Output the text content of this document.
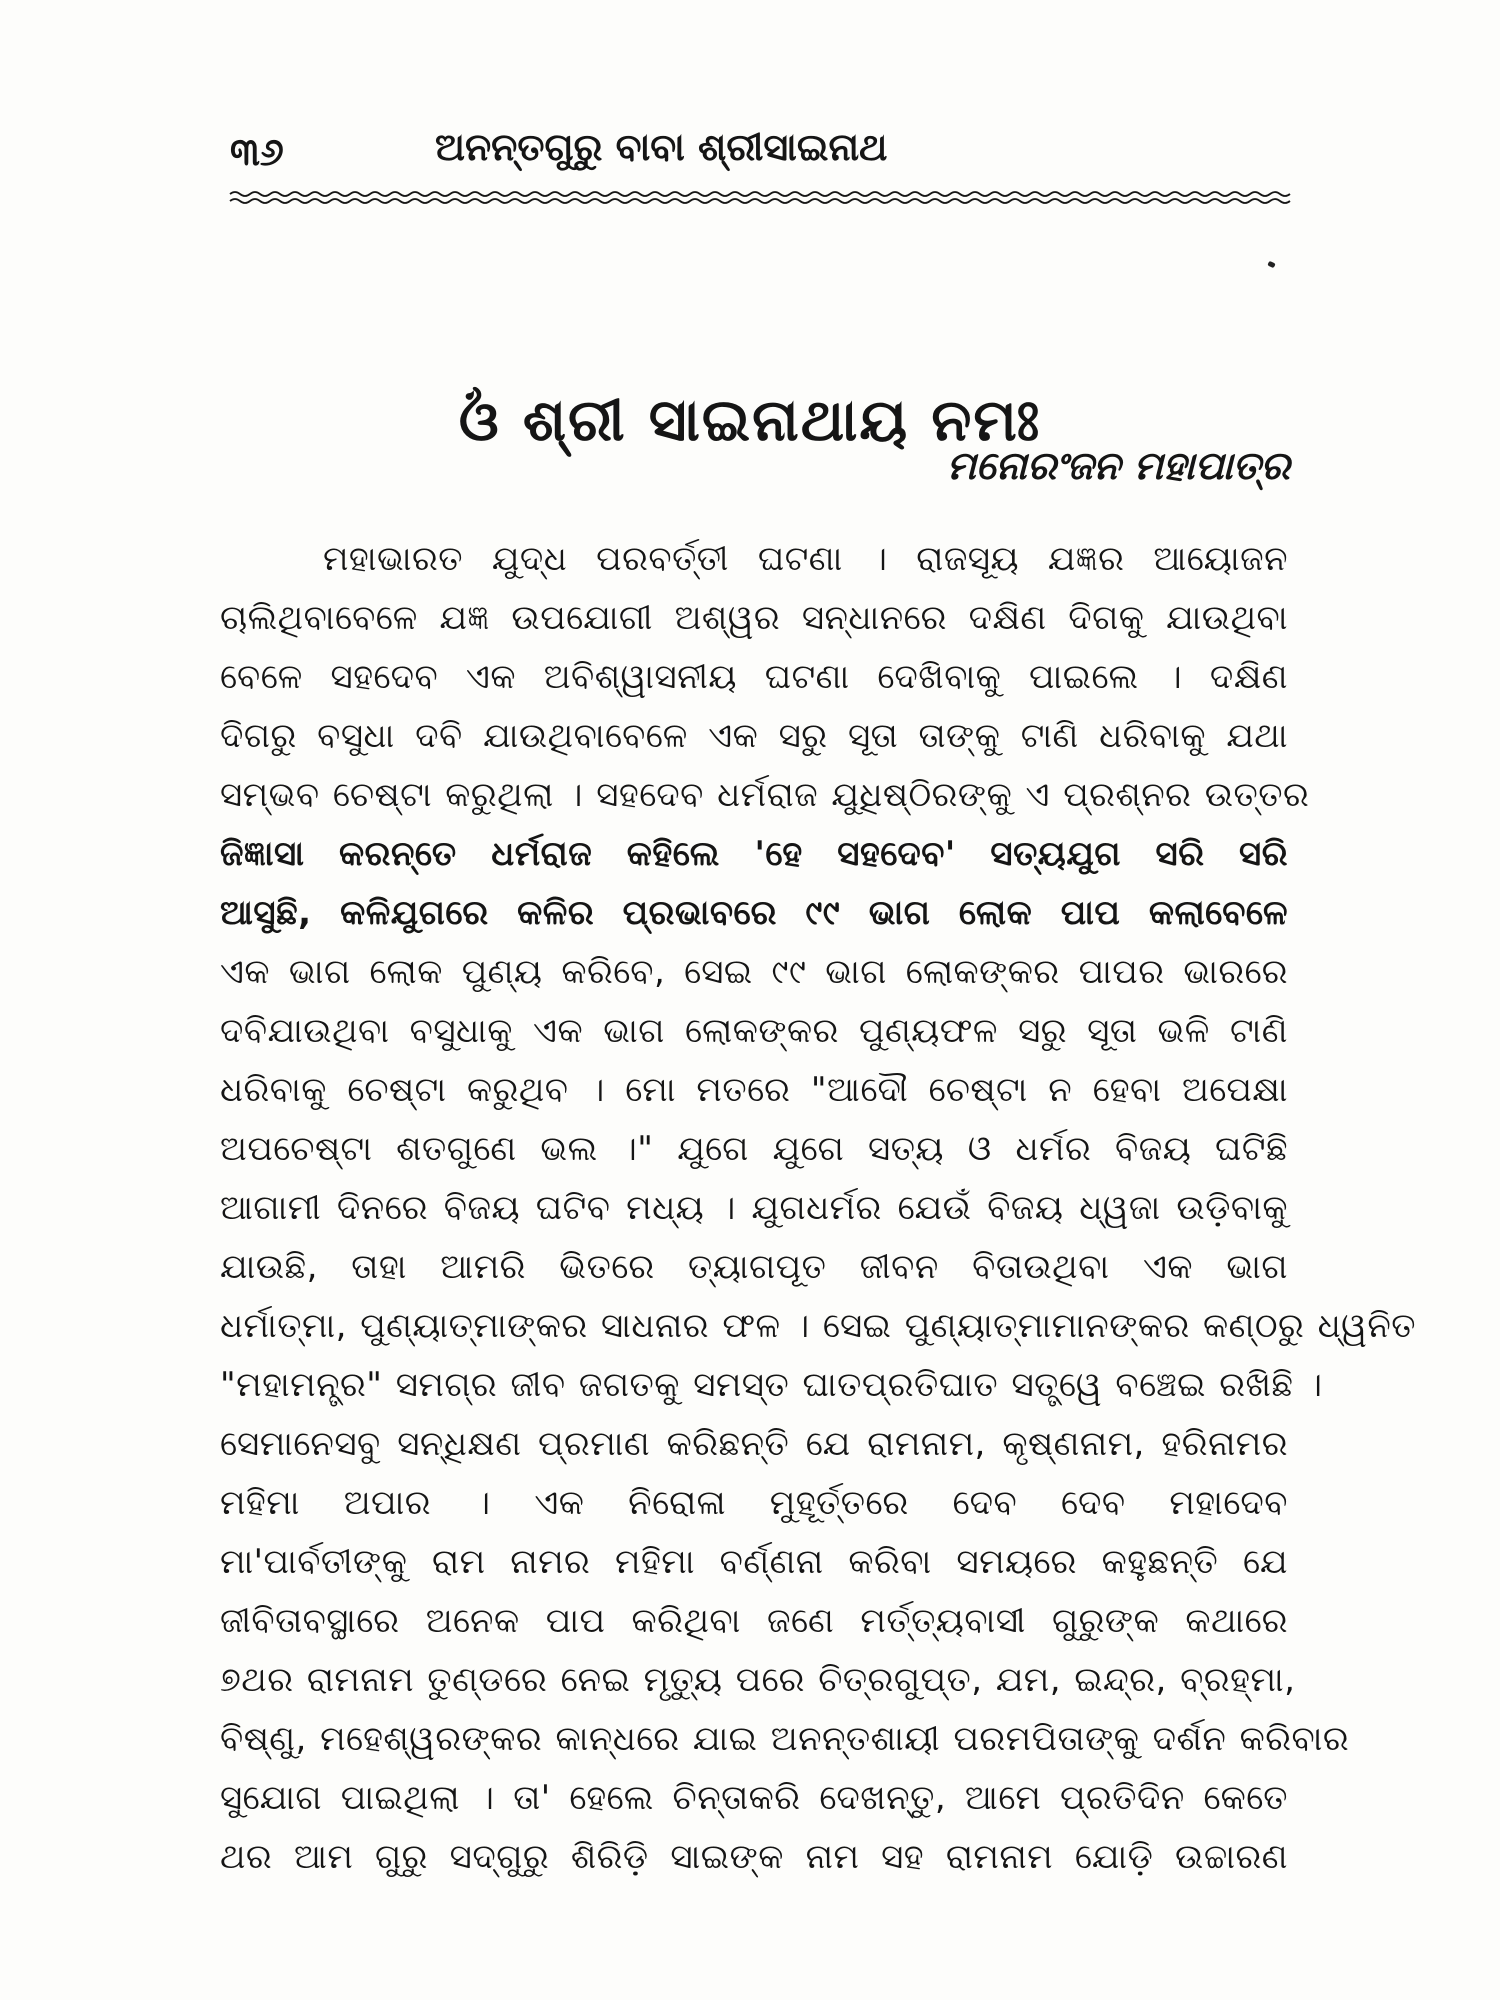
୩୬	ଅନନ୍ତଗୁରୁ ବାବା ଶ୍ରୀସାଇନାଥ
ଓଁ ଶ୍ରୀ ସାଇନାଥାୟ ନମଃ
ମନୋରଂଜନ ମହାପାତ୍ର
ମହାଭାରତ ଯୁଦ୍ଧ ପରବର୍ତ୍ତୀ ଘଟଣା । ରାଜସୂୟ ଯଜ୍ଞର ଆୟୋଜନ
ଚାଲିଥିବାବେଳେ ଯଜ୍ଞ ଉପଯୋଗୀ ଅଶ୍ୱର ସନ୍ଧାନରେ ଦକ୍ଷିଣ ଦିଗକୁ ଯାଉଥିବା
ବେଳେ ସହଦେବ ଏକ ଅବିଶ୍ୱାସନୀୟ ଘଟଣା ଦେଖିବାକୁ ପାଇଲେ । ଦକ୍ଷିଣ
ଦିଗରୁ ବସୁଧା ଦବି ଯାଉଥିବାବେଳେ ଏକ ସରୁ ସୂତା ତାଙ୍କୁ ଟାଣି ଧରିବାକୁ ଯଥା
ସମ୍ଭବ ଚେଷ୍ଟା କରୁଥିଲା । ସହଦେବ ଧର୍ମରାଜ ଯୁଧିଷ୍ଠିରଙ୍କୁ ଏ ପ୍ରଶ୍ନର ଉତ୍ତର
ଜିଜ୍ଞାସା କରନ୍ତେ ଧର୍ମରାଜ କହିଲେ 'ହେ ସହଦେବ' ସତ୍ୟଯୁଗ ସରି ସରି
ଆସୁଛି, କଳିଯୁଗରେ କଳିର ପ୍ରଭାବରେ ୯୯ ଭାଗ ଲୋକ ପାପ କଲାବେଳେ
ଏକ ଭାଗ ଲୋକ ପୁଣ୍ୟ କରିବେ, ସେଇ ୯୯ ଭାଗ ଲୋକଙ୍କର ପାପର ଭାରରେ
ଦବିଯାଉଥିବା ବସୁଧାକୁ ଏକ ଭାଗ ଲୋକଙ୍କର ପୁଣ୍ୟଫଳ ସରୁ ସୂତା ଭଳି ଟାଣି
ଧରିବାକୁ ଚେଷ୍ଟା କରୁଥିବ । ମୋ ମତରେ "ଆଦୌ ଚେଷ୍ଟା ନ ହେବା ଅପେକ୍ଷା
ଅପଚେଷ୍ଟା ଶତଗୁଣେ ଭଲ ।" ଯୁଗେ ଯୁଗେ ସତ୍ୟ ଓ ଧର୍ମର ବିଜୟ ଘଟିଛି
ଆଗାମୀ ଦିନରେ ବିଜୟ ଘଟିବ ମଧ୍ୟ । ଯୁଗଧର୍ମର ଯେଉଁ ବିଜୟ ଧ୍ୱଜା ଉଡ଼ିବାକୁ
ଯାଉଛି, ତାହା ଆମରି ଭିତରେ ତ୍ୟାଗପୂତ ଜୀବନ ବିତାଉଥିବା ଏକ ଭାଗ
ଧର୍ମାତ୍ମା, ପୁଣ୍ୟାତ୍ମାଙ୍କର ସାଧନାର ଫଳ । ସେଇ ପୁଣ୍ୟାତ୍ମାମାନଙ୍କର କଣ୍ଠରୁ ଧ୍ୱନିତ
"ମହାମନ୍ତ୍ର" ସମଗ୍ର ଜୀବ ଜଗତକୁ ସମସ୍ତ ଘାତପ୍ରତିଘାତ ସତ୍ତ୍ୱେ ବଞ୍ଚେଇ ରଖିଛି ।
ସେମାନେସବୁ ସନ୍ଧିକ୍ଷଣ ପ୍ରମାଣ କରିଛନ୍ତି ଯେ ରାମନାମ, କୃଷ୍ଣନାମ, ହରିନାମର
ମହିମା ଅପାର । ଏକ ନିରୋଳା ମୁହୂର୍ତ୍ତରେ ଦେବ ଦେବ ମହାଦେବ
ମା'ପାର୍ବତୀଙ୍କୁ ରାମ ନାମର ମହିମା ବର୍ଣ୍ଣନା କରିବା ସମୟରେ କହୁଛନ୍ତି ଯେ
ଜୀବିତାବସ୍ଥାରେ ଅନେକ ପାପ କରିଥିବା ଜଣେ ମର୍ତ୍ତ୍ୟବାସୀ ଗୁରୁଙ୍କ କଥାରେ
୭ଥର ରାମନାମ ତୁଣ୍ଡରେ ନେଇ ମୃତ୍ୟୁ ପରେ ଚିତ୍ରଗୁପ୍ତ, ଯମ, ଇନ୍ଦ୍ର, ବ୍ରହ୍ମା,
ବିଷ୍ଣୁ, ମହେଶ୍ୱରଙ୍କର କାନ୍ଧରେ ଯାଇ ଅନନ୍ତଶାୟୀ ପରମପିତାଙ୍କୁ ଦର୍ଶନ କରିବାର
ସୁଯୋଗ ପାଇଥିଲା । ତା' ହେଲେ ଚିନ୍ତାକରି ଦେଖନ୍ତୁ, ଆମେ ପ୍ରତିଦିନ କେତେ
ଥର ଆମ ଗୁରୁ ସଦ୍‌ଗୁରୁ ଶିରିଡ଼ି ସାଇଙ୍କ ନାମ ସହ ରାମନାମ ଯୋଡ଼ି ଉଚ୍ଚାରଣ
